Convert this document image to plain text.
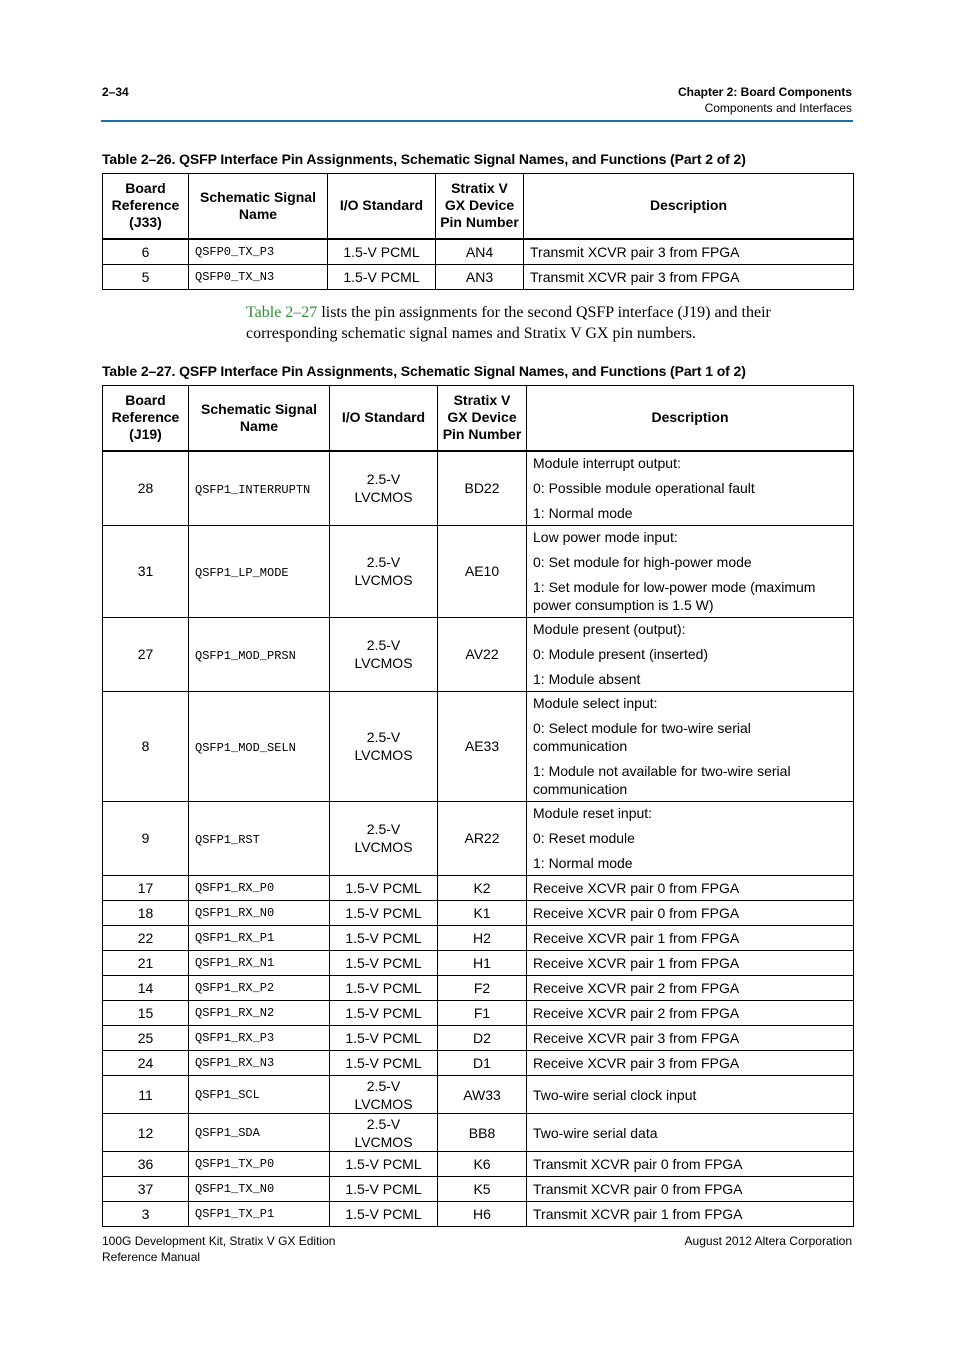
2–34	Chapter 2: Board Components
Components and Interfaces
Table 2–26. QSFP Interface Pin Assignments, Schematic Signal Names, and Functions (Part 2 of 2)
Board Reference (J33)	Schematic Signal Name	I/O Standard	Stratix V GX Device Pin Number	Description
6	QSFP0_TX_P3	1.5-V PCML	AN4	Transmit XCVR pair 3 from FPGA
5	QSFP0_TX_N3	1.5-V PCML	AN3	Transmit XCVR pair 3 from FPGA
Table 2–27 lists the pin assignments for the second QSFP interface (J19) and their corresponding schematic signal names and Stratix V GX pin numbers.
Table 2–27. QSFP Interface Pin Assignments, Schematic Signal Names, and Functions (Part 1 of 2)
Board Reference (J19)	Schematic Signal Name	I/O Standard	Stratix V GX Device Pin Number	Description
28	QSFP1_INTERRUPTN	2.5-V LVCMOS	BD22	Module interrupt output:
0: Possible module operational fault
1: Normal mode

31	QSFP1_LP_MODE	2.5-V LVCMOS	AE10	Low power mode input:
0: Set module for high-power mode
1: Set module for low-power mode (maximum power consumption is 1.5 W)

27	QSFP1_MOD_PRSN	2.5-V LVCMOS	AV22	Module present (output):
0: Module present (inserted)
1: Module absent

8	QSFP1_MOD_SELN	2.5-V LVCMOS	AE33	Module select input:
0: Select module for two-wire serial communication
1: Module not available for two-wire serial communication

9	QSFP1_RST	2.5-V LVCMOS	AR22	Module reset input:
0: Reset module
1: Normal mode

17	QSFP1_RX_P0	1.5-V PCML	K2	Receive XCVR pair 0 from FPGA
18	QSFP1_RX_N0	1.5-V PCML	K1	Receive XCVR pair 0 from FPGA
22	QSFP1_RX_P1	1.5-V PCML	H2	Receive XCVR pair 1 from FPGA
21	QSFP1_RX_N1	1.5-V PCML	H1	Receive XCVR pair 1 from FPGA
14	QSFP1_RX_P2	1.5-V PCML	F2	Receive XCVR pair 2 from FPGA
15	QSFP1_RX_N2	1.5-V PCML	F1	Receive XCVR pair 2 from FPGA
25	QSFP1_RX_P3	1.5-V PCML	D2	Receive XCVR pair 3 from FPGA
24	QSFP1_RX_N3	1.5-V PCML	D1	Receive XCVR pair 3 from FPGA
11	QSFP1_SCL	2.5-V LVCMOS	AW33	Two-wire serial clock input
12	QSFP1_SDA	2.5-V LVCMOS	BB8	Two-wire serial data
36	QSFP1_TX_P0	1.5-V PCML	K6	Transmit XCVR pair 0 from FPGA
37	QSFP1_TX_N0	1.5-V PCML	K5	Transmit XCVR pair 0 from FPGA
3	QSFP1_TX_P1	1.5-V PCML	H6	Transmit XCVR pair 1 from FPGA
100G Development Kit, Stratix V GX Edition
Reference Manual
August 2012 Altera Corporation
